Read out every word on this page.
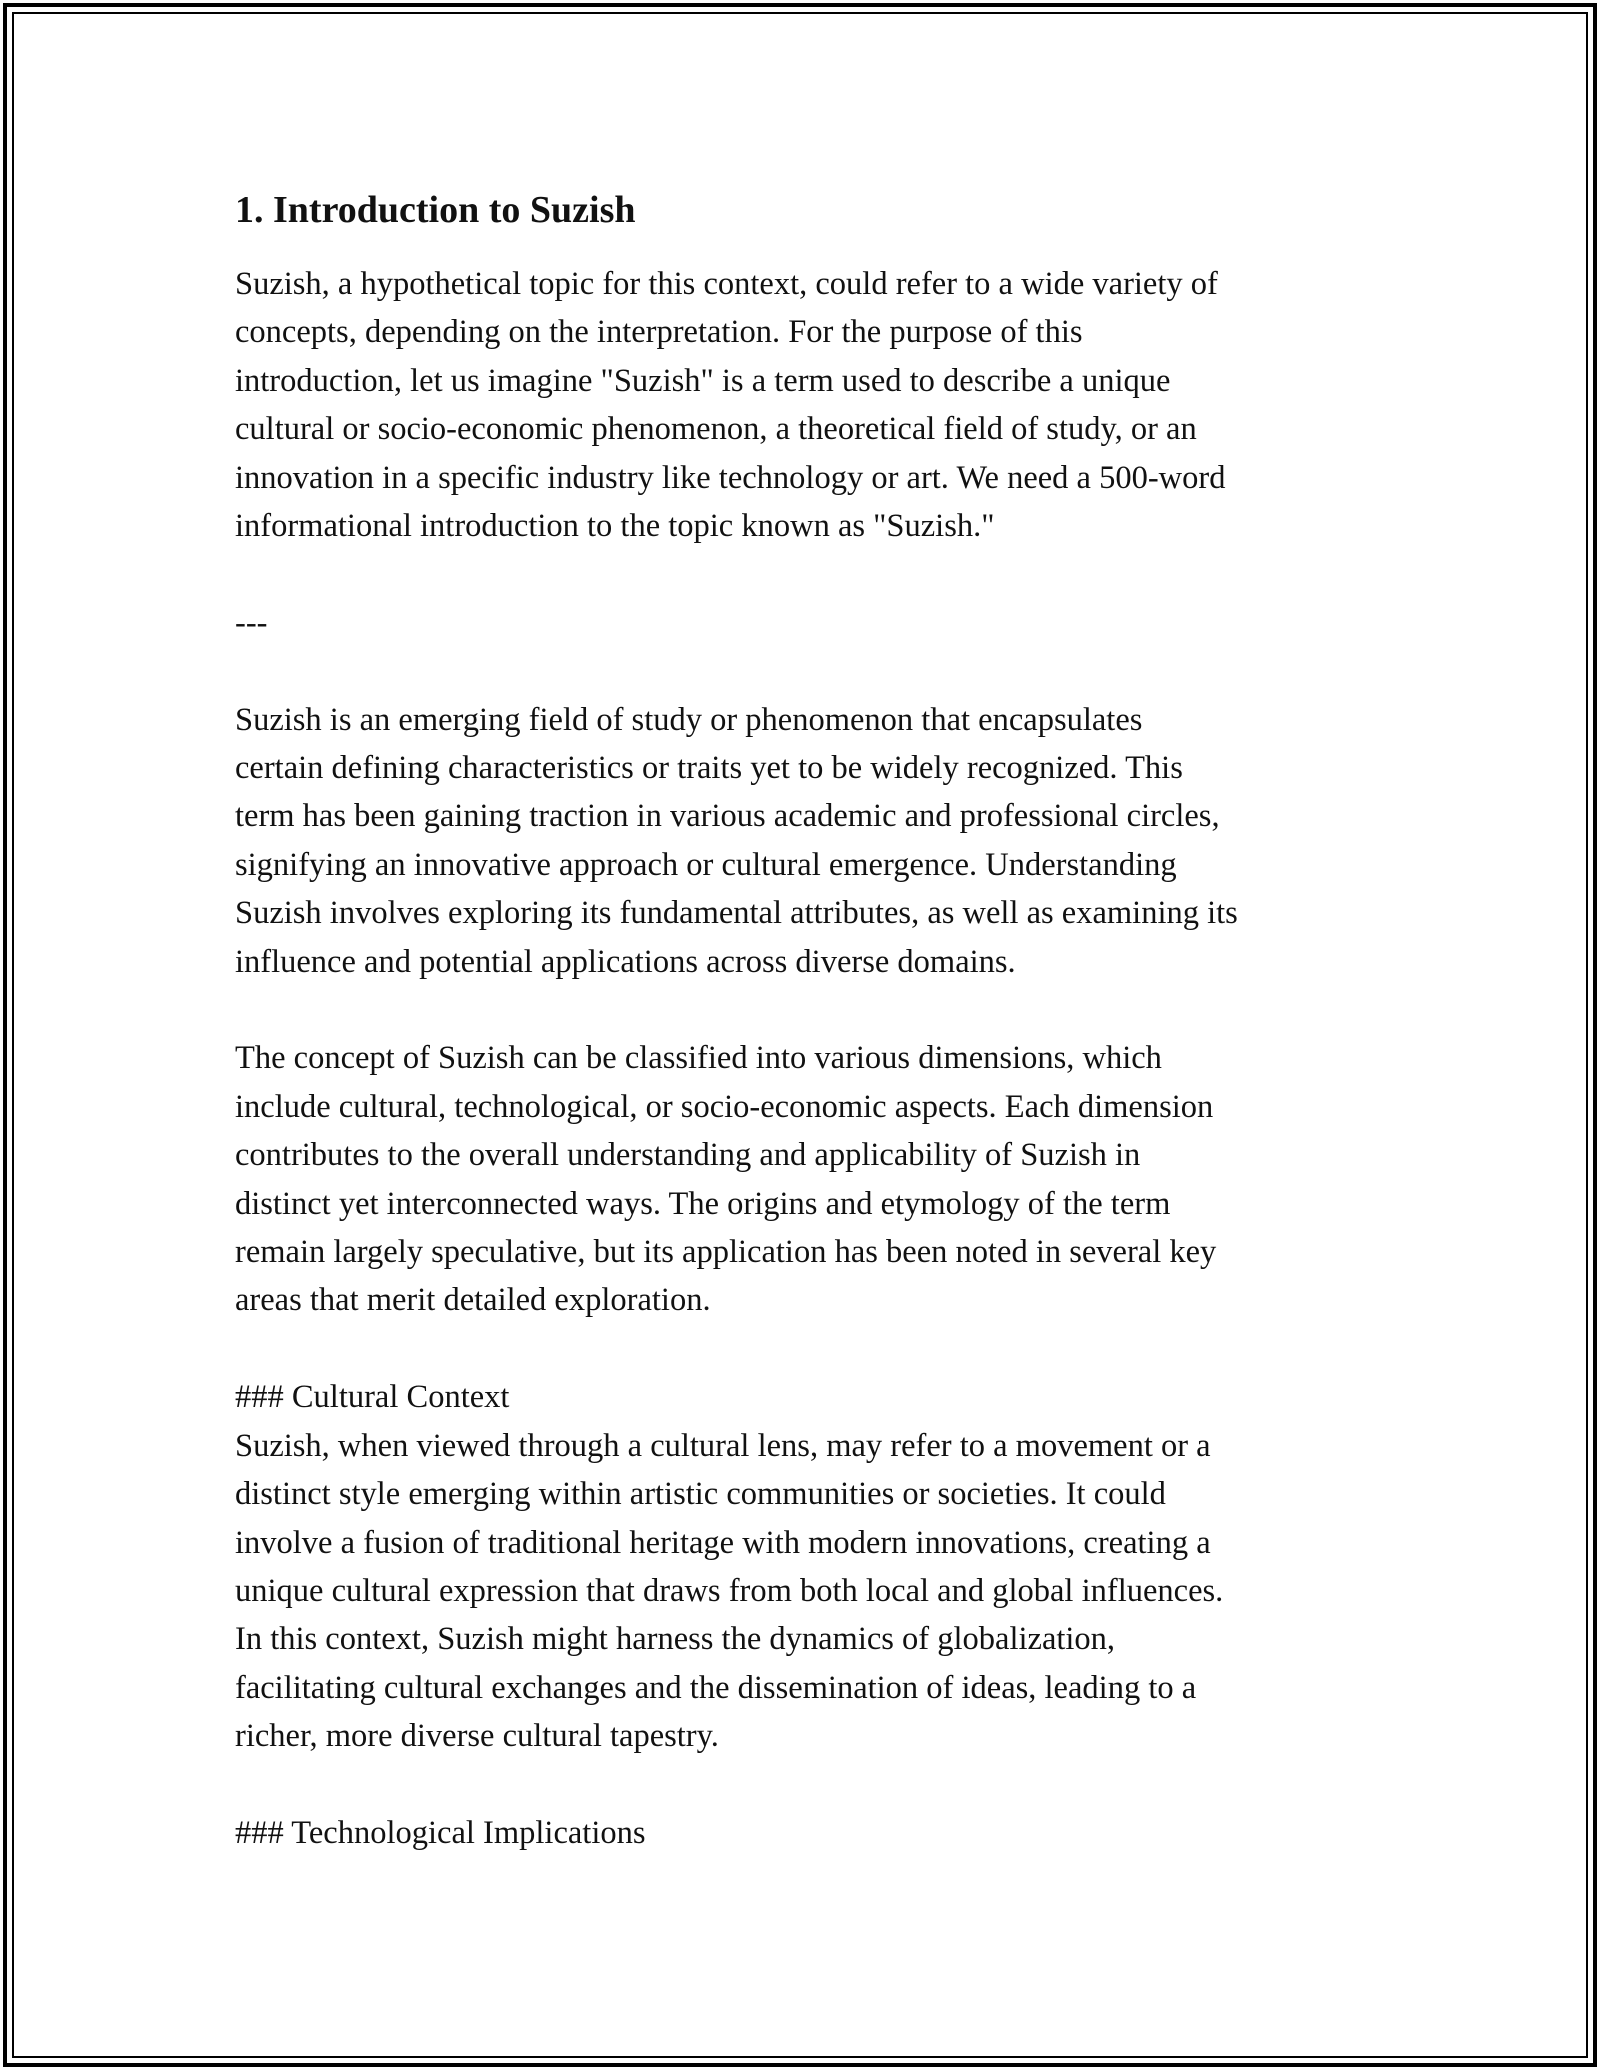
1. Introduction to Suzish

Suzish, a hypothetical topic for this context, could refer to a wide variety of
concepts, depending on the interpretation. For the purpose of this
introduction, let us imagine "Suzish" is a term used to describe a unique
cultural or socio-economic phenomenon, a theoretical field of study, or an
innovation in a specific industry like technology or art. We need a 500-word
informational introduction to the topic known as "Suzish."

---

Suzish is an emerging field of study or phenomenon that encapsulates
certain defining characteristics or traits yet to be widely recognized. This
term has been gaining traction in various academic and professional circles,
signifying an innovative approach or cultural emergence. Understanding
Suzish involves exploring its fundamental attributes, as well as examining its
influence and potential applications across diverse domains.

The concept of Suzish can be classified into various dimensions, which
include cultural, technological, or socio-economic aspects. Each dimension
contributes to the overall understanding and applicability of Suzish in
distinct yet interconnected ways. The origins and etymology of the term
remain largely speculative, but its application has been noted in several key
areas that merit detailed exploration.

### Cultural Context
Suzish, when viewed through a cultural lens, may refer to a movement or a
distinct style emerging within artistic communities or societies. It could
involve a fusion of traditional heritage with modern innovations, creating a
unique cultural expression that draws from both local and global influences.
In this context, Suzish might harness the dynamics of globalization,
facilitating cultural exchanges and the dissemination of ideas, leading to a
richer, more diverse cultural tapestry.

### Technological Implications
